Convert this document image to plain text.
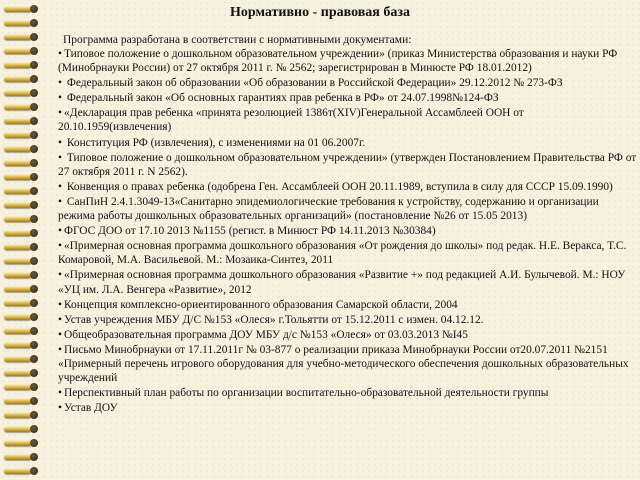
Нормативно - правовая база
Программа разработана в соответствии с нормативными документами:
• Типовое положение о дошкольном образовательном учреждении» (приказ Министерства образования и науки РФ (Минобрнауки России) от 27 октября 2011 г. № 2562; зарегистрирован в Минюсте РФ 18.01.2012)
• Федеральный закон об образовании «Об образовании в Российской Федерации» 29.12.2012 № 273-ФЗ
• Федеральный закон «Об основных гарантиях прав ребенка в РФ» от 24.07.1998№124-ФЗ
• «Декларация прав ребенка «принята резолюцией 1386т(XIV)Генеральной Ассамблеей ООН от 20.10.1959(извлечения)
• Конституция РФ (извлечения), с изменениями на 01 06.2007г.
• Типовое положение о дошкольном образовательном учреждении» (утвержден Постановлением Правительства РФ от 27 октября 2011 г. N 2562).
• Конвенция о правах ребенка (одобрена Ген. Ассамблеей ООН 20.11.1989, вступила в силу для СССР 15.09.1990)
• СанПиН 2.4.1.3049-13«Санитарно эпидемиологические требования к устройству, содержанию и организации режима работы дошкольных образовательных организаций» (постановление №26 от 15.05 2013)
• ФГОС ДОО от 17.10 2013 №1155 (регист. в Минюст РФ 14.11.2013 №30384)
• «Примерная основная программа дошкольного образования «От рождения до школы» под редак. Н.Е. Веракса, Т.С. Комаровой, М.А. Васильевой. М.: Мозаика-Синтез, 2011
• «Примерная основная программа дошкольного образования «Развитие +» под редакцией А.И. Булычевой. М.: НОУ «УЦ им. Л.А. Венгера «Развитие», 2012
• Концепция комплексно-ориентированного образования Самарской области, 2004
• Устав учреждения МБУ Д/С №153 «Олеся» г.Тольятти от 15.12.2011 с измен. 04.12.12.
• Общеобразовательная программа ДОУ МБУ д/с №153 «Олеся» от 03.03.2013 №I45
• Письмо Минобрнауки от 17.11.2011г № 03-877 о реализации приказа Минобрнауки России от20.07.2011 №2151 «Примерный перечень игрового оборудования для учебно-методического обеспечения дошкольных образовательных учреждений
• Перспективный план работы по организации воспитательно-образовательной деятельности группы
• Устав ДОУ
